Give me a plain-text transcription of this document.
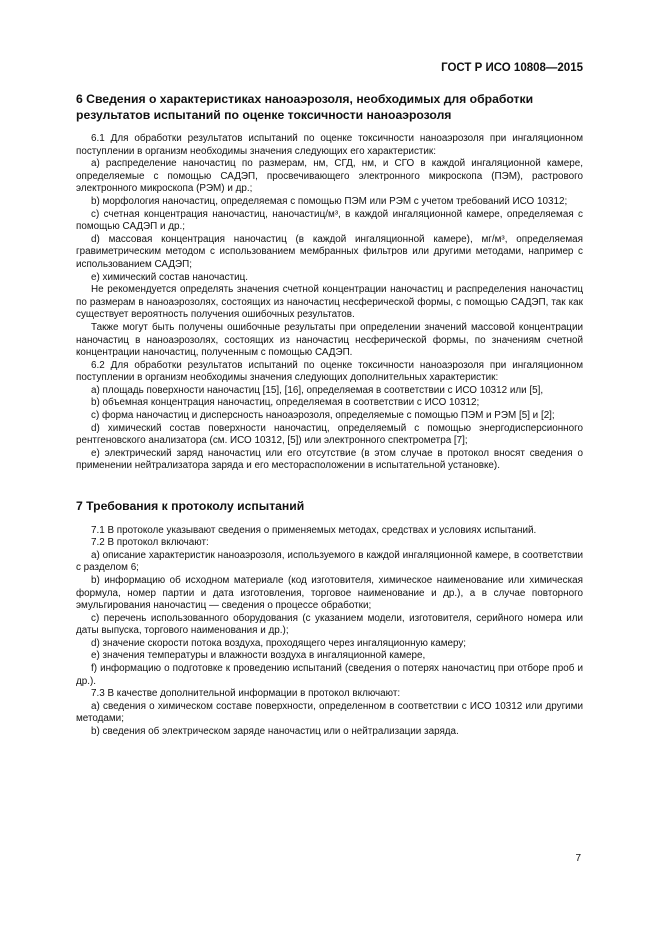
ГОСТ Р ИСО 10808—2015
6 Сведения о характеристиках наноаэрозоля, необходимых для обработки результатов испытаний по оценке токсичности наноаэрозоля

6.1 Для обработки результатов испытаний по оценке токсичности наноаэрозоля при ингаляционном поступлении в организм необходимы значения следующих его характеристик:

a) распределение наночастиц по размерам, нм, СГД, нм, и СГО в каждой ингаляционной камере, определяемые с помощью САДЭП, просвечивающего электронного микроскопа (ПЭМ), растрового электронного микроскопа (РЭМ) и др.;

b) морфология наночастиц, определяемая с помощью ПЭМ или РЭМ с учетом требований ИСО 10312;

c) счетная концентрация наночастиц, наночастиц/м³, в каждой ингаляционной камере, определяемая с помощью САДЭП и др.;

d) массовая концентрация наночастиц (в каждой ингаляционной камере), мг/м³, определяемая гравиметрическим методом с использованием мембранных фильтров или другими методами, например с использованием САДЭП;

e) химический состав наночастиц.

Не рекомендуется определять значения счетной концентрации наночастиц и распределения наночастиц по размерам в наноаэрозолях, состоящих из наночастиц несферической формы, с помощью САДЭП, так как существует вероятность получения ошибочных результатов.

Также могут быть получены ошибочные результаты при определении значений массовой концентрации наночастиц в наноаэрозолях, состоящих из наночастиц несферической формы, по значениям счетной концентрации наночастиц, полученным с помощью САДЭП.

6.2 Для обработки результатов испытаний по оценке токсичности наноаэрозоля при ингаляционном поступлении в организм необходимы значения следующих дополнительных характеристик:

a) площадь поверхности наночастиц [15], [16], определяемая в соответствии с ИСО 10312 или [5],

b) объемная концентрация наночастиц, определяемая в соответствии с ИСО 10312;

c) форма наночастиц и дисперсность наноаэрозоля, определяемые с помощью ПЭМ и РЭМ [5] и [2];

d) химический состав поверхности наночастиц, определяемый с помощью энергодисперсионного рентгеновского анализатора (см. ИСО 10312, [5]) или электронного спектрометра [7];

e) электрический заряд наночастиц или его отсутствие (в этом случае в протокол вносят сведения о применении нейтрализатора заряда и его месторасположении в испытательной установке).

7 Требования к протоколу испытаний

7.1 В протоколе указывают сведения о применяемых методах, средствах и условиях испытаний.

7.2 В протокол включают:

a) описание характеристик наноаэрозоля, используемого в каждой ингаляционной камере, в соответствии с разделом 6;

b) информацию об исходном материале (код изготовителя, химическое наименование или химическая формула, номер партии и дата изготовления, торговое наименование и др.), а в случае повторного эмульгирования наночастиц — сведения о процессе обработки;

c) перечень использованного оборудования (с указанием модели, изготовителя, серийного номера или даты выпуска, торгового наименования и др.);

d) значение скорости потока воздуха, проходящего через ингаляционную камеру;

e) значения температуры и влажности воздуха в ингаляционной камере,

f) информацию о подготовке к проведению испытаний (сведения о потерях наночастиц при отборе проб и др.).

7.3 В качестве дополнительной информации в протокол включают:

a) сведения о химическом составе поверхности, определенном в соответствии с ИСО 10312 или другими методами;

b) сведения об электрическом заряде наночастиц или о нейтрализации заряда.

7
